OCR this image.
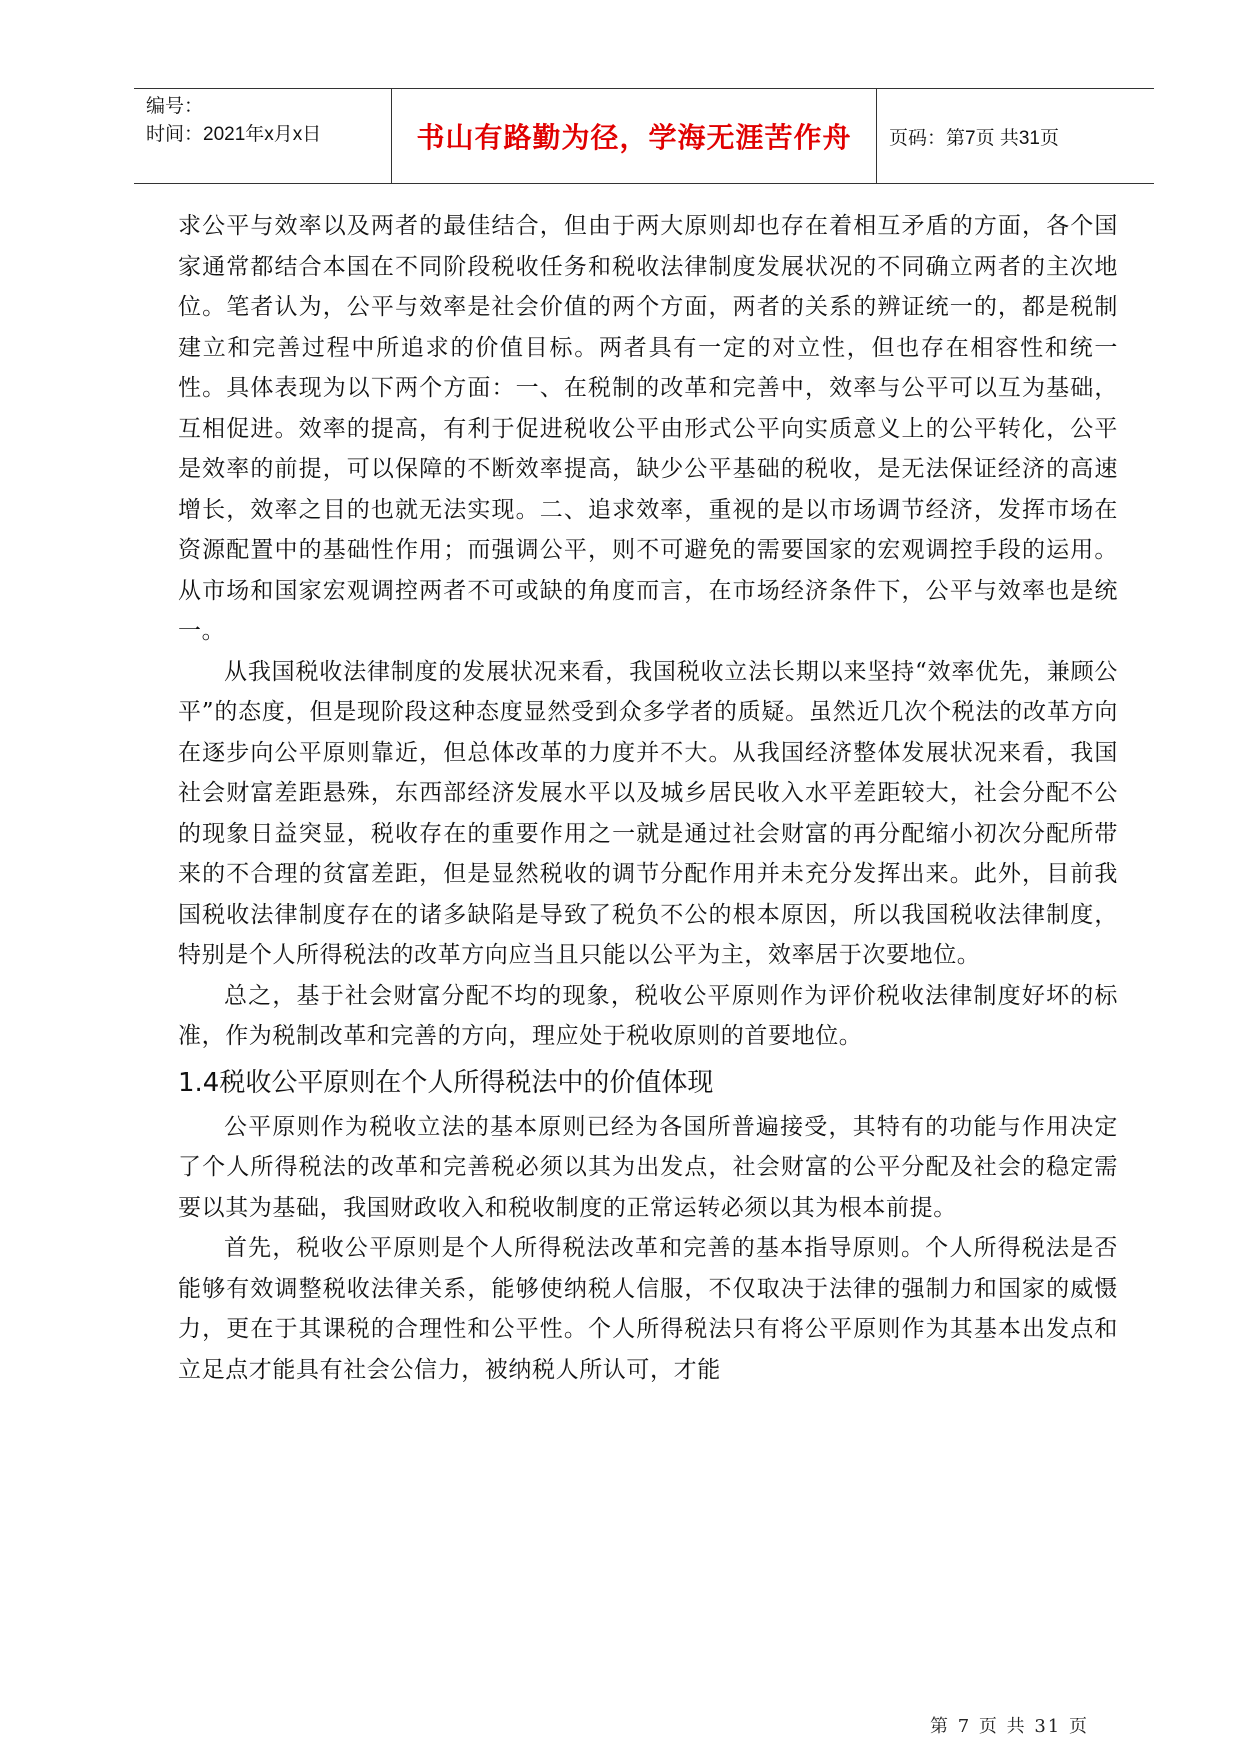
编号：
时间：2021年x月x日	书山有路勤为径，学海无涯苦作舟	页码：第7页 共31页

求公平与效率以及两者的最佳结合，但由于两大原则却也存在着相互矛盾的方面，各个国家通常都结合本国在不同阶段税收任务和税收法律制度发展状况的不同确立两者的主次地位。笔者认为，公平与效率是社会价值的两个方面，两者的关系的辨证统一的，都是税制建立和完善过程中所追求的价值目标。两者具有一定的对立性，但也存在相容性和统一性。具体表现为以下两个方面：一、在税制的改革和完善中，效率与公平可以互为基础，互相促进。效率的提高，有利于促进税收公平由形式公平向实质意义上的公平转化，公平是效率的前提，可以保障的不断效率提高，缺少公平基础的税收，是无法保证经济的高速增长，效率之目的也就无法实现。二、追求效率，重视的是以市场调节经济，发挥市场在资源配置中的基础性作用；而强调公平，则不可避免的需要国家的宏观调控手段的运用。从市场和国家宏观调控两者不可或缺的角度而言，在市场经济条件下，公平与效率也是统一。

从我国税收法律制度的发展状况来看，我国税收立法长期以来坚持“效率优先，兼顾公平”的态度，但是现阶段这种态度显然受到众多学者的质疑。虽然近几次个税法的改革方向在逐步向公平原则靠近，但总体改革的力度并不大。从我国经济整体发展状况来看，我国社会财富差距悬殊，东西部经济发展水平以及城乡居民收入水平差距较大，社会分配不公的现象日益突显，税收存在的重要作用之一就是通过社会财富的再分配缩小初次分配所带来的不合理的贫富差距，但是显然税收的调节分配作用并未充分发挥出来。此外，目前我国税收法律制度存在的诸多缺陷是导致了税负不公的根本原因，所以我国税收法律制度，特别是个人所得税法的改革方向应当且只能以公平为主，效率居于次要地位。

总之，基于社会财富分配不均的现象，税收公平原则作为评价税收法律制度好坏的标准，作为税制改革和完善的方向，理应处于税收原则的首要地位。

1.4税收公平原则在个人所得税法中的价值体现

公平原则作为税收立法的基本原则已经为各国所普遍接受，其特有的功能与作用决定了个人所得税法的改革和完善税必须以其为出发点，社会财富的公平分配及社会的稳定需要以其为基础，我国财政收入和税收制度的正常运转必须以其为根本前提。

首先，税收公平原则是个人所得税法改革和完善的基本指导原则。个人所得税法是否能够有效调整税收法律关系，能够使纳税人信服，不仅取决于法律的强制力和国家的威慑力，更在于其课税的合理性和公平性。个人所得税法只有将公平原则作为其基本出发点和立足点才能具有社会公信力，被纳税人所认可，才能

第 7 页 共 31 页
